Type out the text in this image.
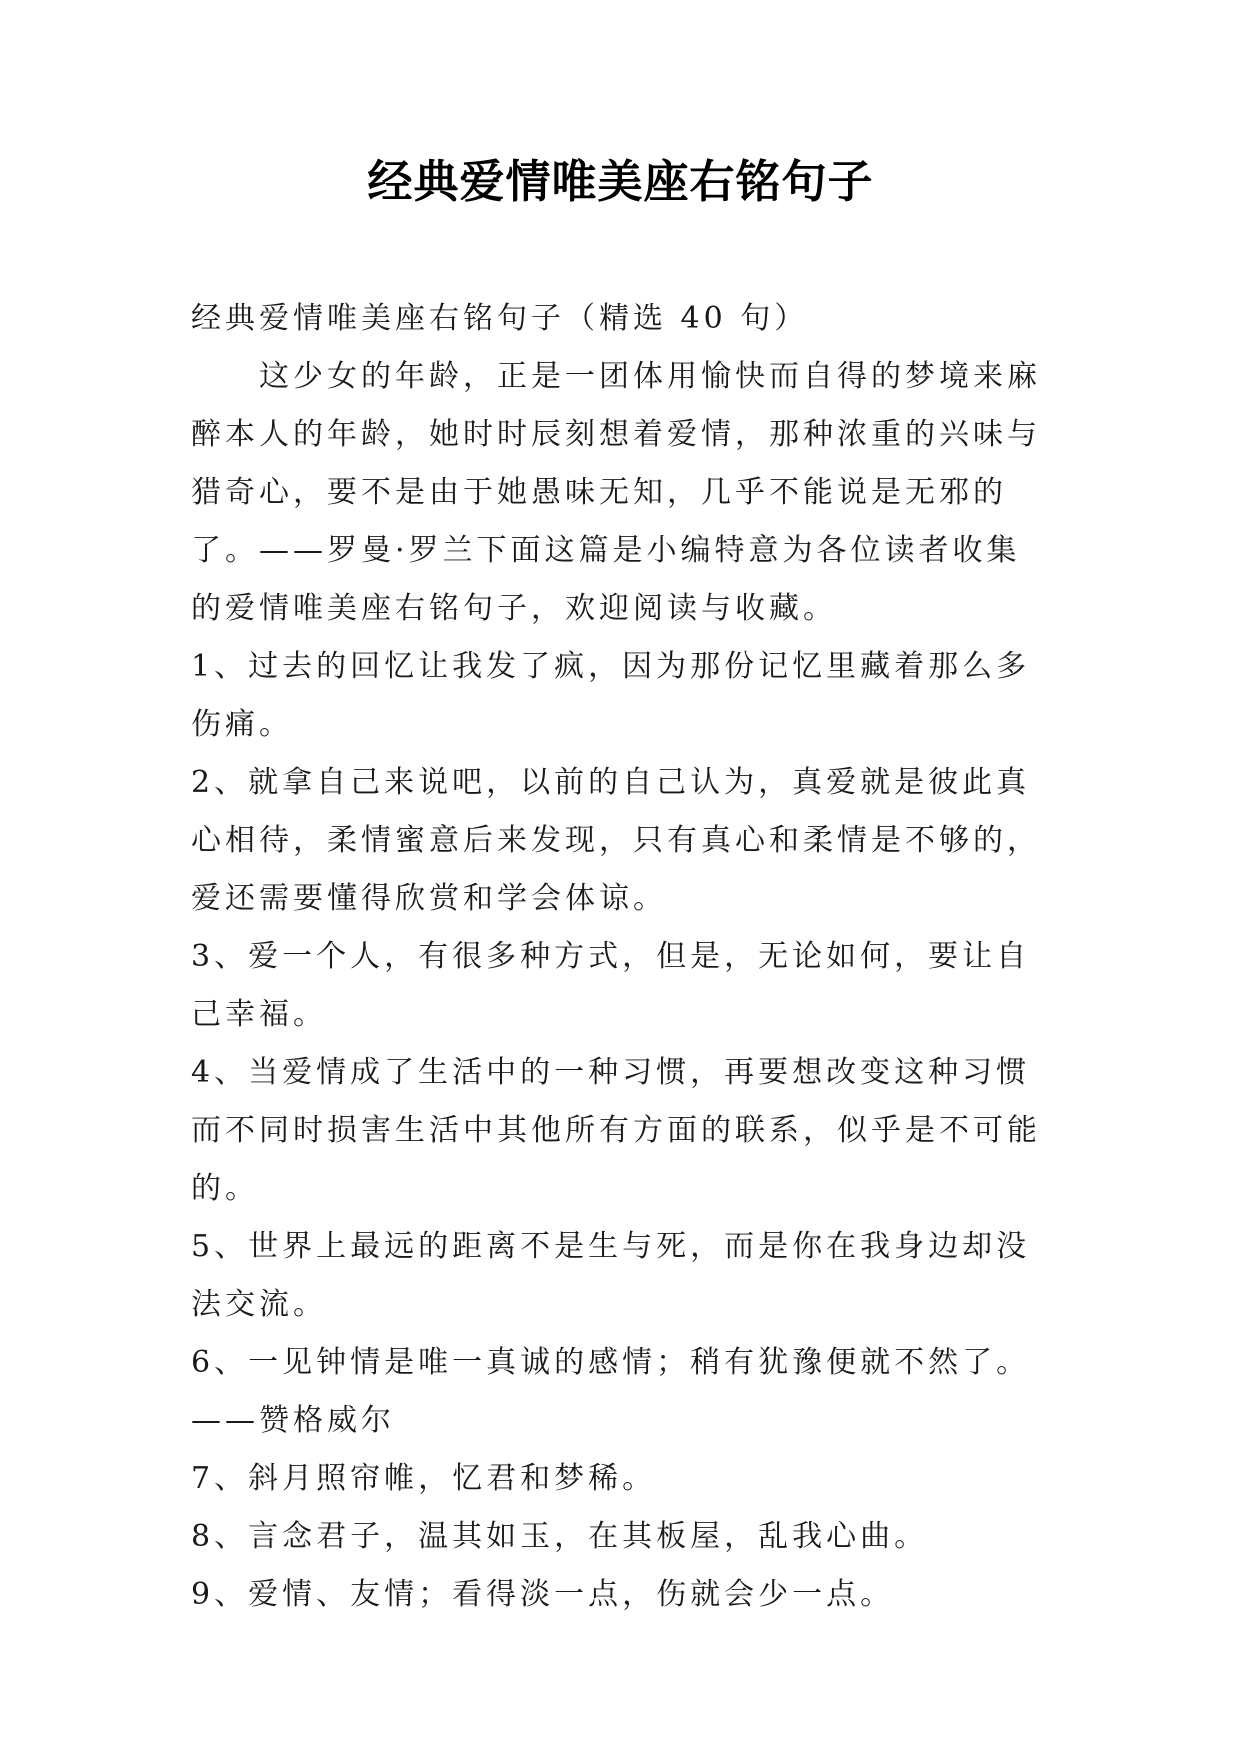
经典爱情唯美座右铭句子

经典爱情唯美座右铭句子（精选 40 句）

这少女的年龄，正是一团体用愉快而自得的梦境来麻醉本人的年龄，她时时辰刻想着爱情，那种浓重的兴味与猎奇心，要不是由于她愚味无知，几乎不能说是无邪的了。——罗曼·罗兰下面这篇是小编特意为各位读者收集的爱情唯美座右铭句子，欢迎阅读与收藏。

1、过去的回忆让我发了疯，因为那份记忆里藏着那么多伤痛。

2、就拿自己来说吧，以前的自己认为，真爱就是彼此真心相待，柔情蜜意后来发现，只有真心和柔情是不够的，爱还需要懂得欣赏和学会体谅。

3、爱一个人，有很多种方式，但是，无论如何，要让自己幸福。

4、当爱情成了生活中的一种习惯，再要想改变这种习惯而不同时损害生活中其他所有方面的联系，似乎是不可能的。

5、世界上最远的距离不是生与死，而是你在我身边却没法交流。

6、一见钟情是唯一真诚的感情；稍有犹豫便就不然了。——赞格威尔

7、斜月照帘帷，忆君和梦稀。

8、言念君子，温其如玉，在其板屋，乱我心曲。

9、爱情、友情；看得淡一点，伤就会少一点。
